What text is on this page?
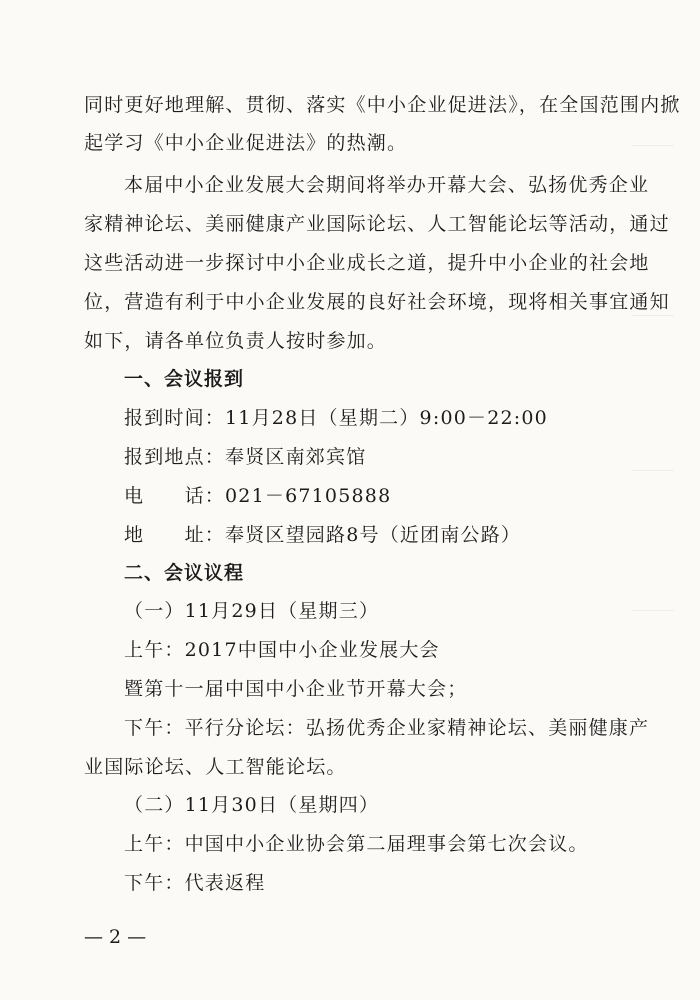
同时更好地理解、贯彻、落实《中小企业促进法》，在全国范围内掀
起学习《中小企业促进法》的热潮。
本届中小企业发展大会期间将举办开幕大会、弘扬优秀企业
家精神论坛、美丽健康产业国际论坛、人工智能论坛等活动，通过
这些活动进一步探讨中小企业成长之道，提升中小企业的社会地
位，营造有利于中小企业发展的良好社会环境，现将相关事宜通知
如下，请各单位负责人按时参加。
一、会议报到
报到时间：11月28日（星期二）9:00－22:00
报到地点：奉贤区南郊宾馆
电　　话：021－67105888
地　　址：奉贤区望园路8号（近团南公路）
二、会议议程
（一）11月29日（星期三）
上午：2017中国中小企业发展大会
暨第十一届中国中小企业节开幕大会；
下午：平行分论坛：弘扬优秀企业家精神论坛、美丽健康产
业国际论坛、人工智能论坛。
（二）11月30日（星期四）
上午：中国中小企业协会第二届理事会第七次会议。
下午：代表返程
— 2 —
